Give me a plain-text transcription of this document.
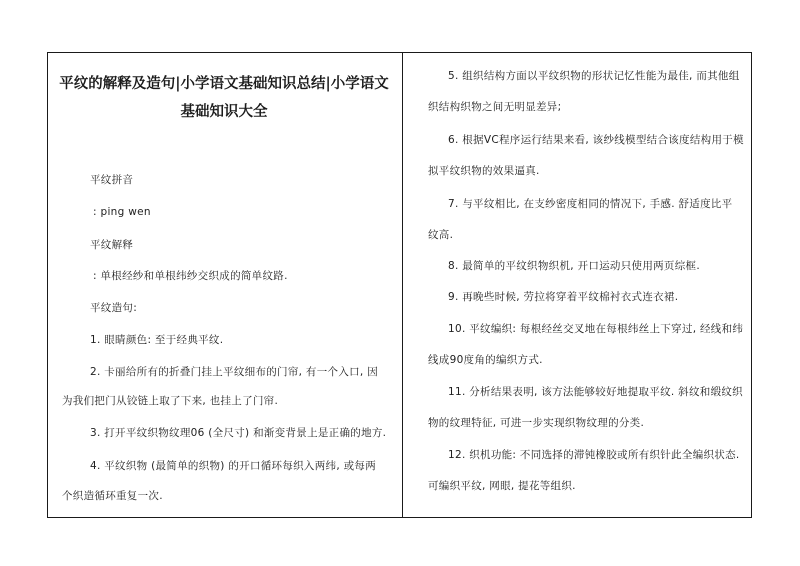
平纹的解释及造句|小学语文基础知识总结|小学语文
基础知识大全
平纹拼音
: ping wen
平纹解释
: 单根经纱和单根纬纱交织成的简单纹路.
平纹造句:
1. 眼睛颜色: 至于经典平纹.
2. 卡丽给所有的折叠门挂上平纹细布的门帘, 有一个入口, 因
为我们把门从铰链上取了下来, 也挂上了门帘.
3. 打开平纹织物纹理06 (全尺寸) 和渐变背景上是正确的地方.
4. 平纹织物 (最简单的织物) 的开口循环每织入两纬, 或每两
个织造循环重复一次.
5. 组织结构方面以平纹织物的形状记忆性能为最佳, 而其他组
织结构织物之间无明显差异;
6. 根据VC程序运行结果来看, 该纱线模型结合该度结构用于模
拟平纹织物的效果逼真.
7. 与平纹相比, 在支纱密度相同的情况下, 手感. 舒适度比平
纹高.
8. 最简单的平纹织物织机, 开口运动只使用两页综框.
9. 再晚些时候, 劳拉将穿着平纹棉衬衣式连衣裙.
10. 平纹编织: 每根经丝交叉地在每根纬丝上下穿过, 经线和纬
线成90度角的编织方式.
11. 分析结果表明, 该方法能够较好地提取平纹. 斜纹和缎纹织
物的纹理特征, 可进一步实现织物纹理的分类.
12. 织机功能: 不同选择的滞钝橡胶或所有织针此全编织状态.
可编织平纹, 网眼, 提花等组织.
